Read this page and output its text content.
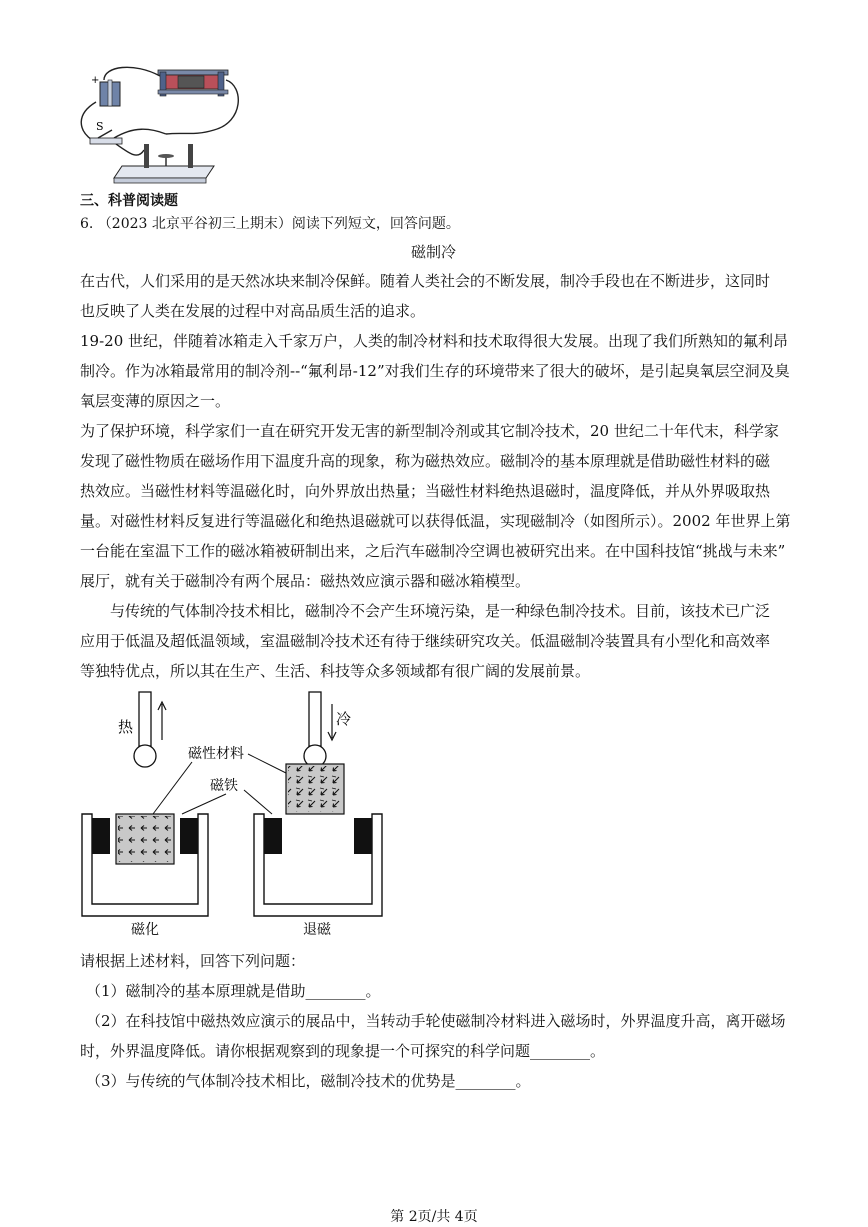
+
S
三、科普阅读题
6. （2023 北京平谷初三上期末）阅读下列短文，回答问题。
磁制冷
在古代，人们采用的是天然冰块来制冷保鲜。随着人类社会的不断发展，制冷手段也在不断进步，这同时
也反映了人类在发展的过程中对高品质生活的追求。
19-20 世纪，伴随着冰箱走入千家万户，人类的制冷材料和技术取得很大发展。出现了我们所熟知的氟利昂
制冷。作为冰箱最常用的制冷剂--“氟利昂-12”对我们生存的环境带来了很大的破坏，是引起臭氧层空洞及臭
氧层变薄的原因之一。
为了保护环境，科学家们一直在研究开发无害的新型制冷剂或其它制冷技术，20 世纪二十年代末，科学家
发现了磁性物质在磁场作用下温度升高的现象，称为磁热效应。磁制冷的基本原理就是借助磁性材料的磁
热效应。当磁性材料等温磁化时，向外界放出热量；当磁性材料绝热退磁时，温度降低，并从外界吸取热
量。对磁性材料反复进行等温磁化和绝热退磁就可以获得低温，实现磁制冷（如图所示）。2002 年世界上第
一台能在室温下工作的磁冰箱被研制出来，之后汽车磁制冷空调也被研究出来。在中国科技馆“挑战与未来”
展厅，就有关于磁制冷有两个展品：磁热效应演示器和磁冰箱模型。
与传统的气体制冷技术相比，磁制冷不会产生环境污染，是一种绿色制冷技术。目前，该技术已广泛
应用于低温及超低温领域，室温磁制冷技术还有待于继续研究攻关。低温磁制冷装置具有小型化和高效率
等独特优点，所以其在生产、生活、科技等众多领域都有很广阔的发展前景。
热	冷
磁性材料
磁铁
磁化	退磁
请根据上述材料，回答下列问题：
（1）磁制冷的基本原理就是借助________。
（2）在科技馆中磁热效应演示的展品中，当转动手轮使磁制冷材料进入磁场时，外界温度升高，离开磁场
时，外界温度降低。请你根据观察到的现象提一个可探究的科学问题________。
（3）与传统的气体制冷技术相比，磁制冷技术的优势是________。
第 2页/共 4页
